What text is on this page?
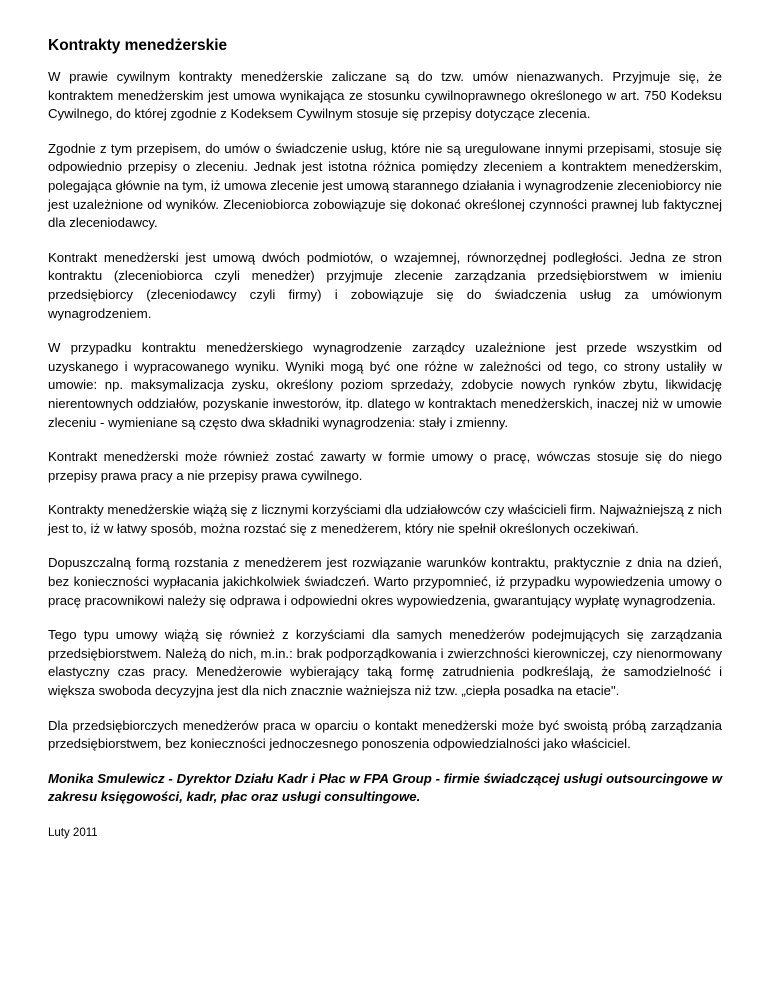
Kontrakty menedżerskie

W prawie cywilnym kontrakty menedżerskie zaliczane są do tzw. umów nienazwanych. Przyjmuje się, że kontraktem menedżerskim jest umowa wynikająca ze stosunku cywilnoprawnego określonego w art. 750 Kodeksu Cywilnego, do której zgodnie z Kodeksem Cywilnym stosuje się przepisy dotyczące zlecenia.

Zgodnie z tym przepisem, do umów o świadczenie usług, które nie są uregulowane innymi przepisami, stosuje się odpowiednio przepisy o zleceniu. Jednak jest istotna różnica pomiędzy zleceniem a kontraktem menedżerskim, polegająca głównie na tym, iż umowa zlecenie jest umową starannego działania i wynagrodzenie zleceniobiorcy nie jest uzależnione od wyników. Zleceniobiorca zobowiązuje się dokonać określonej czynności prawnej lub faktycznej dla zleceniodawcy.

Kontrakt menedżerski jest umową dwóch podmiotów, o wzajemnej, równorzędnej podległości. Jedna ze stron kontraktu (zleceniobiorca czyli menedżer) przyjmuje zlecenie zarządzania przedsiębiorstwem w imieniu przedsiębiorcy (zleceniodawcy czyli firmy) i zobowiązuje się do świadczenia usług za umówionym wynagrodzeniem.

W przypadku kontraktu menedżerskiego wynagrodzenie zarządcy uzależnione jest przede wszystkim od uzyskanego i wypracowanego wyniku. Wyniki mogą być one różne w zależności od tego, co strony ustaliły w umowie: np. maksymalizacja zysku, określony poziom sprzedaży, zdobycie nowych rynków zbytu, likwidację nierentownych oddziałów, pozyskanie inwestorów, itp. dlatego w kontraktach menedżerskich, inaczej niż w umowie zleceniu - wymieniane są często dwa składniki wynagrodzenia: stały i zmienny.

Kontrakt menedżerski może również zostać zawarty w formie umowy o pracę, wówczas stosuje się do niego przepisy prawa pracy a nie przepisy prawa cywilnego.

Kontrakty menedżerskie wiążą się z licznymi korzyściami dla udziałowców czy właścicieli firm. Najważniejszą z nich jest to, iż w łatwy sposób, można rozstać się z menedżerem, który nie spełnił określonych oczekiwań.

Dopuszczalną formą rozstania z menedżerem jest rozwiązanie warunków kontraktu, praktycznie z dnia na dzień, bez konieczności wypłacania jakichkolwiek świadczeń. Warto przypomnieć, iż przypadku wypowiedzenia umowy o pracę pracownikowi należy się odprawa i odpowiedni okres wypowiedzenia, gwarantujący wypłatę wynagrodzenia.

Tego typu umowy wiążą się również z korzyściami dla samych menedżerów podejmujących się zarządzania przedsiębiorstwem. Należą do nich, m.in.: brak podporządkowania i zwierzchności kierowniczej, czy nienormowany elastyczny czas pracy. Menedżerowie wybierający taką formę zatrudnienia podkreślają, że samodzielność i większa swoboda decyzyjna jest dla nich znacznie ważniejsza niż tzw. „ciepła posadka na etacie".

Dla przedsiębiorczych menedżerów praca w oparciu o kontakt menedżerski może być swoistą próbą zarządzania przedsiębiorstwem, bez konieczności jednoczesnego ponoszenia odpowiedzialności jako właściciel.

Monika Smulewicz - Dyrektor Działu Kadr i Płac w FPA Group - firmie świadczącej usługi outsourcingowe w zakresu księgowości, kadr, płac oraz usługi consultingowe.

Luty 2011
